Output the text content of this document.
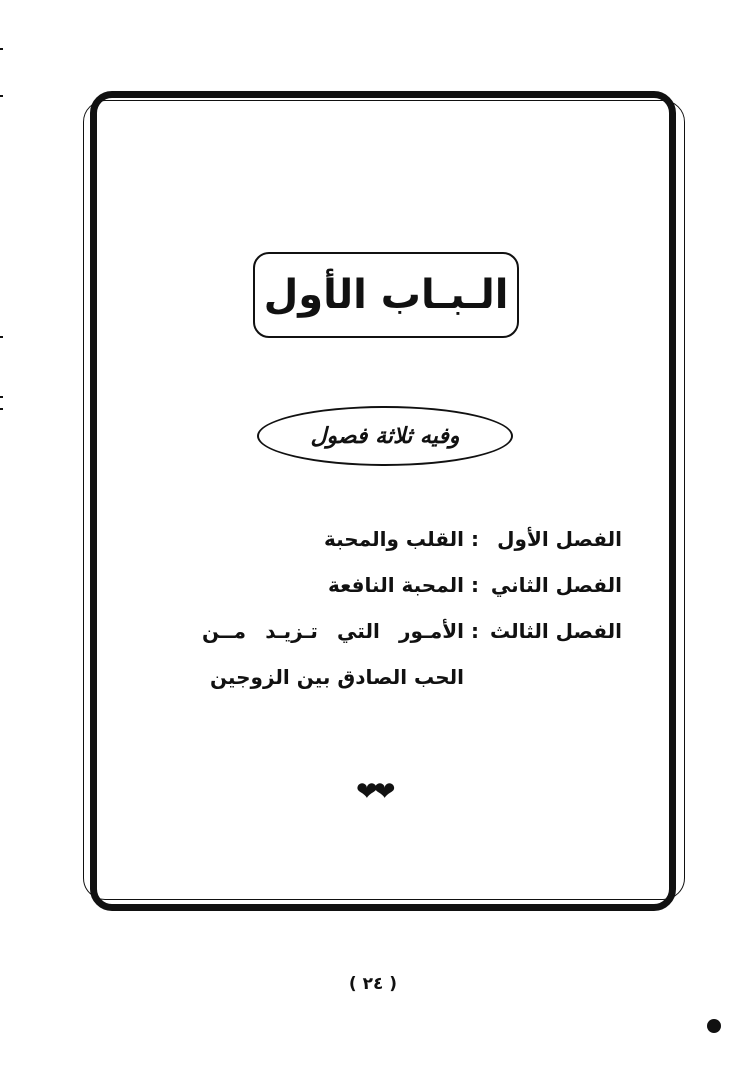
الـبـاب الأول
وفيه ثلاثة فصول
الفصل الأول
:
القلب والمحبة
الفصل الثاني
:
المحبة النافعة
الفصل الثالث
:
الأمـور التي تـزيـد مــن
الحب الصادق بين الزوجين
❤❤
( ٢٤ )
